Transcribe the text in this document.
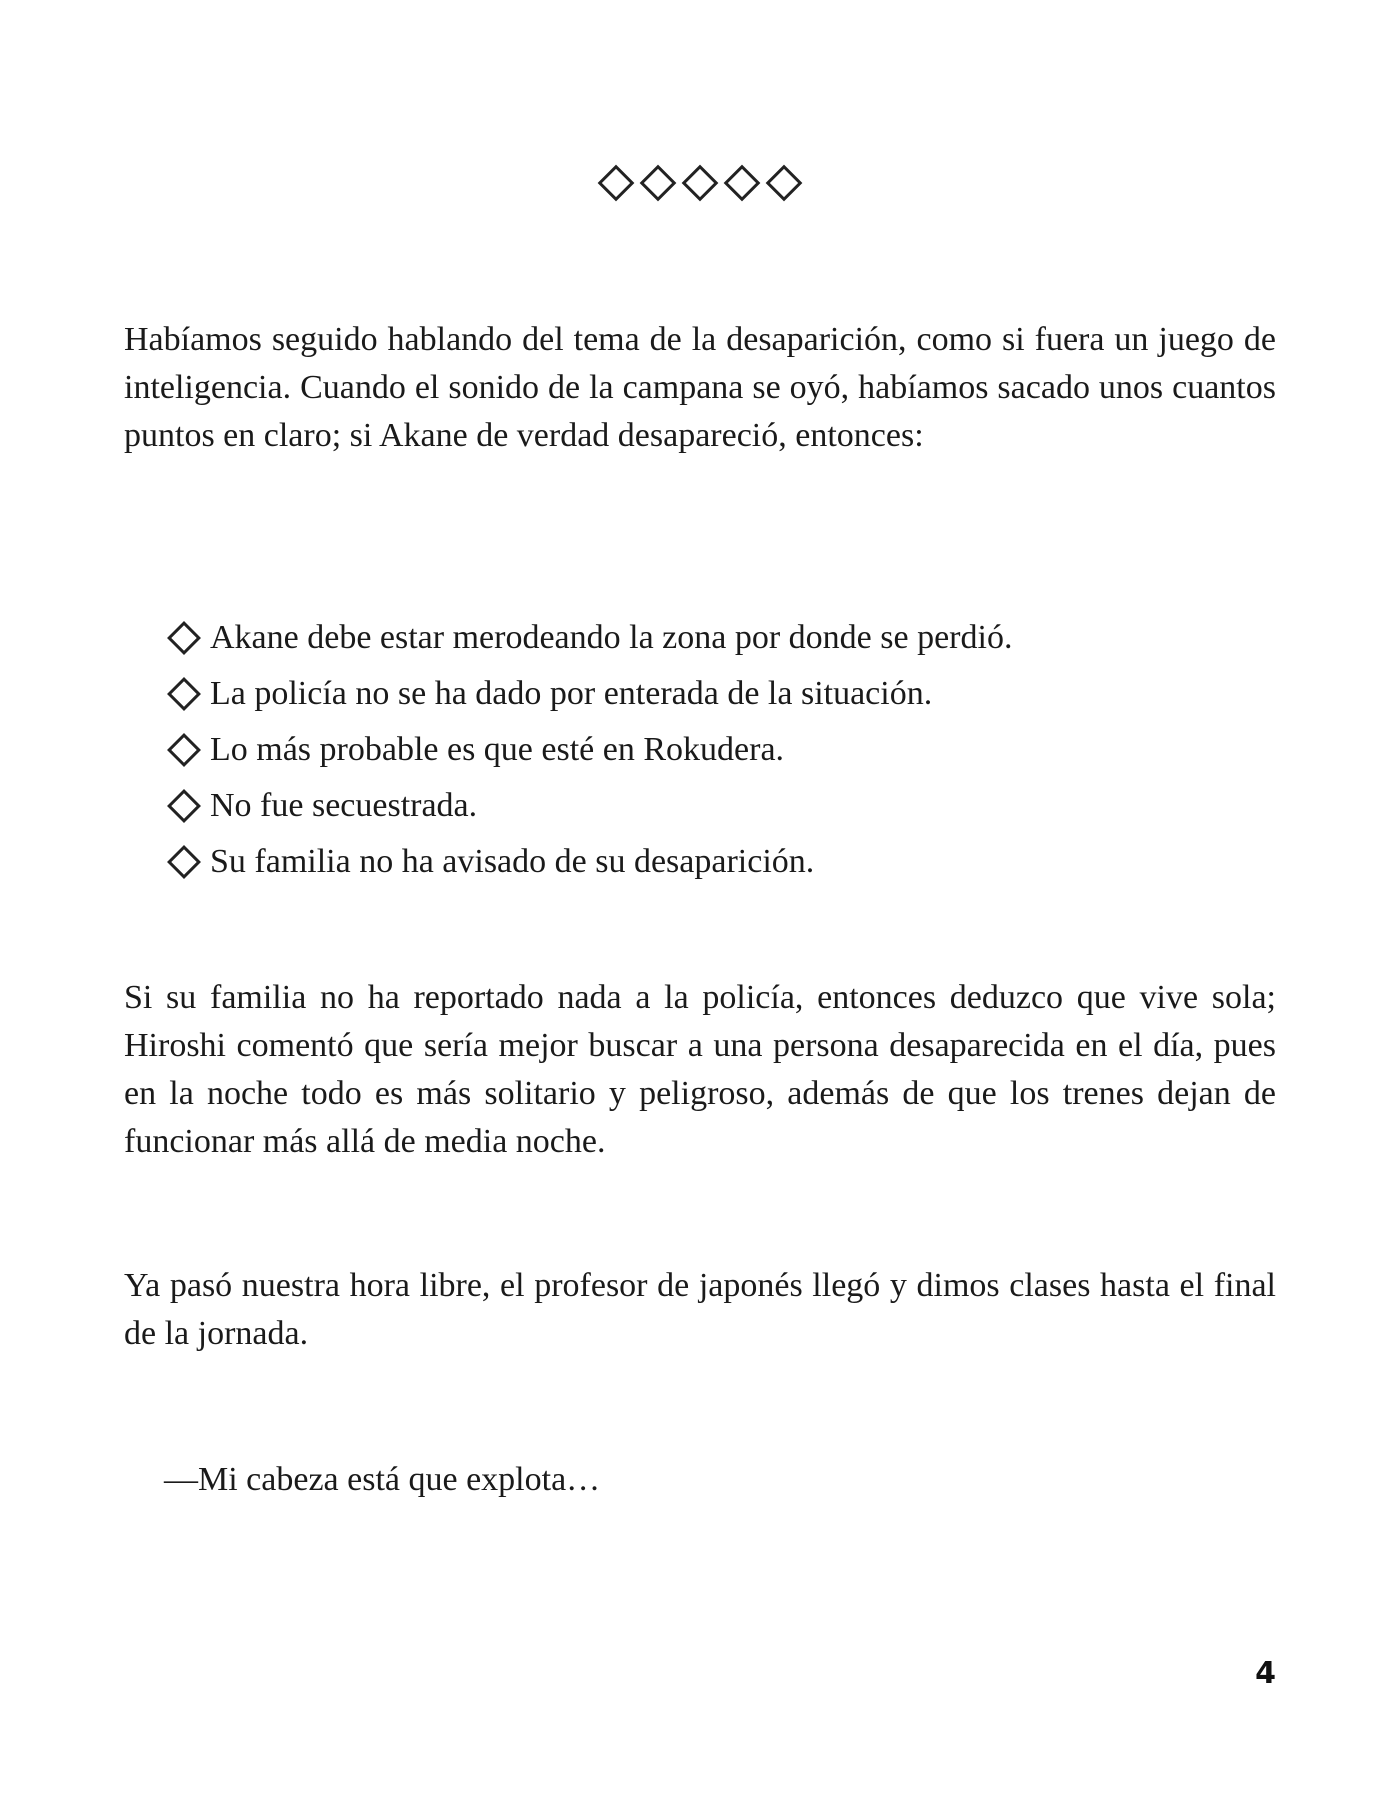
Habíamos seguido hablando del tema de la desaparición, como si fuera un juego de inteligencia. Cuando el sonido de la campana se oyó, habíamos sacado unos cuantos puntos en claro; si Akane de verdad desapareció, entonces:

Akane debe estar merodeando la zona por donde se perdió.
La policía no se ha dado por enterada de la situación.
Lo más probable es que esté en Rokudera.
No fue secuestrada.
Su familia no ha avisado de su desaparición.

Si su familia no ha reportado nada a la policía, entonces deduzco que vive sola; Hiroshi comentó que sería mejor buscar a una persona desaparecida en el día, pues en la noche todo es más solitario y peligroso, además de que los trenes dejan de funcionar más allá de media noche.

Ya pasó nuestra hora libre, el profesor de japonés llegó y dimos clases hasta el final de la jornada.

—Mi cabeza está que explota…

4
